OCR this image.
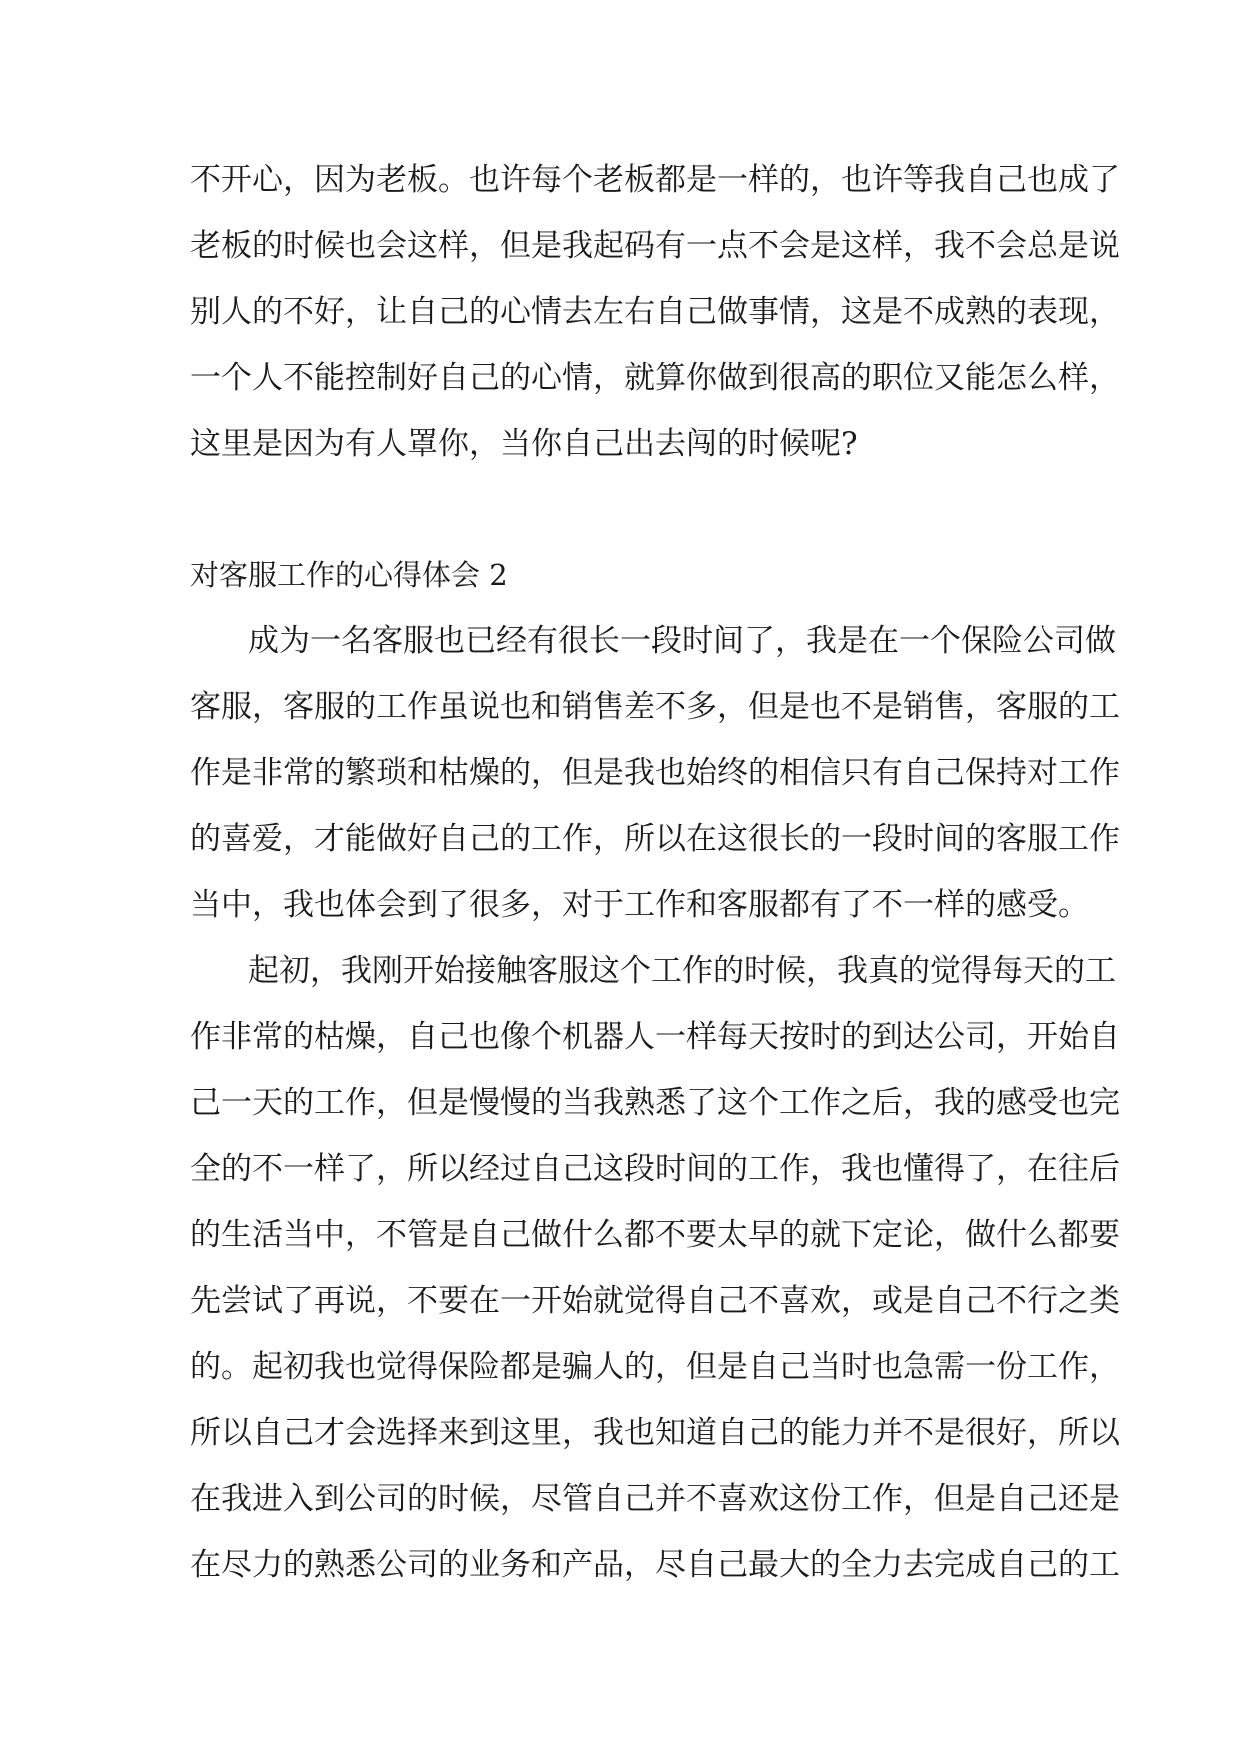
不开心，因为老板。也许每个老板都是一样的，也许等我自己也成了
老板的时候也会这样，但是我起码有一点不会是这样，我不会总是说
别人的不好，让自己的心情去左右自己做事情，这是不成熟的表现，
一个人不能控制好自己的心情，就算你做到很高的职位又能怎么样，
这里是因为有人罩你，当你自己出去闯的时候呢?
对客服工作的心得体会 2
成为一名客服也已经有很长一段时间了，我是在一个保险公司做
客服，客服的工作虽说也和销售差不多，但是也不是销售，客服的工
作是非常的繁琐和枯燥的，但是我也始终的相信只有自己保持对工作
的喜爱，才能做好自己的工作，所以在这很长的一段时间的客服工作
当中，我也体会到了很多，对于工作和客服都有了不一样的感受。
起初，我刚开始接触客服这个工作的时候，我真的觉得每天的工
作非常的枯燥，自己也像个机器人一样每天按时的到达公司，开始自
己一天的工作，但是慢慢的当我熟悉了这个工作之后，我的感受也完
全的不一样了，所以经过自己这段时间的工作，我也懂得了，在往后
的生活当中，不管是自己做什么都不要太早的就下定论，做什么都要
先尝试了再说，不要在一开始就觉得自己不喜欢，或是自己不行之类
的。起初我也觉得保险都是骗人的，但是自己当时也急需一份工作，
所以自己才会选择来到这里，我也知道自己的能力并不是很好，所以
在我进入到公司的时候，尽管自己并不喜欢这份工作，但是自己还是
在尽力的熟悉公司的业务和产品，尽自己最大的全力去完成自己的工
